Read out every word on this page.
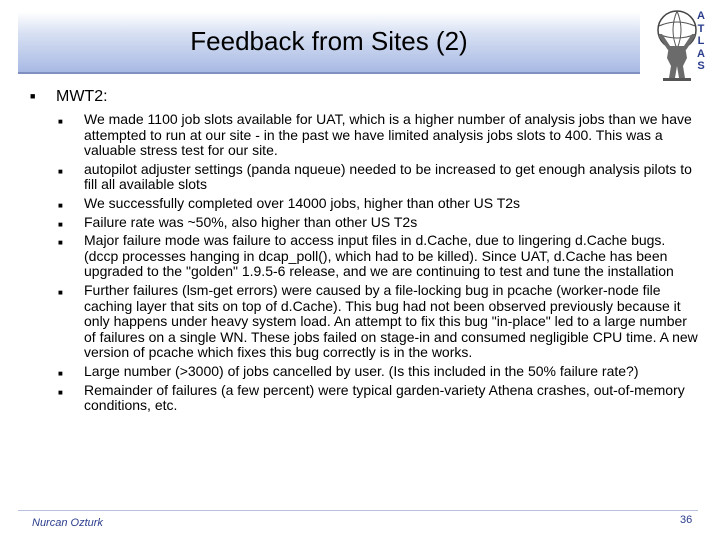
Feedback from Sites (2)
ATLAS
■ MWT2:
■ We made 1100 job slots available for UAT, which is a higher number of analysis jobs than we have attempted to run at our site - in the past we have limited analysis jobs slots to 400. This was a valuable stress test for our site.
■ autopilot adjuster settings (panda nqueue) needed to be increased to get enough analysis pilots to fill all available slots
■ We successfully completed over 14000 jobs, higher than other US T2s
■ Failure rate was ~50%, also higher than other US T2s
■ Major failure mode was failure to access input files in d.Cache, due to lingering d.Cache bugs. (dccp processes hanging in dcap_poll(), which had to be killed). Since UAT, d.Cache has been upgraded to the "golden" 1.9.5-6 release, and we are continuing to test and tune the installation
■ Further failures (lsm-get errors) were caused by a file-locking bug in pcache (worker-node file caching layer that sits on top of d.Cache). This bug had not been observed previously because it only happens under heavy system load. An attempt to fix this bug "in-place" led to a large number of failures on a single WN. These jobs failed on stage-in and consumed negligible CPU time. A new version of pcache which fixes this bug correctly is in the works.
■ Large number (>3000) of jobs cancelled by user. (Is this included in the 50% failure rate?)
■ Remainder of failures (a few percent) were typical garden-variety Athena crashes, out-of-memory conditions, etc.
Nurcan Ozturk	36
